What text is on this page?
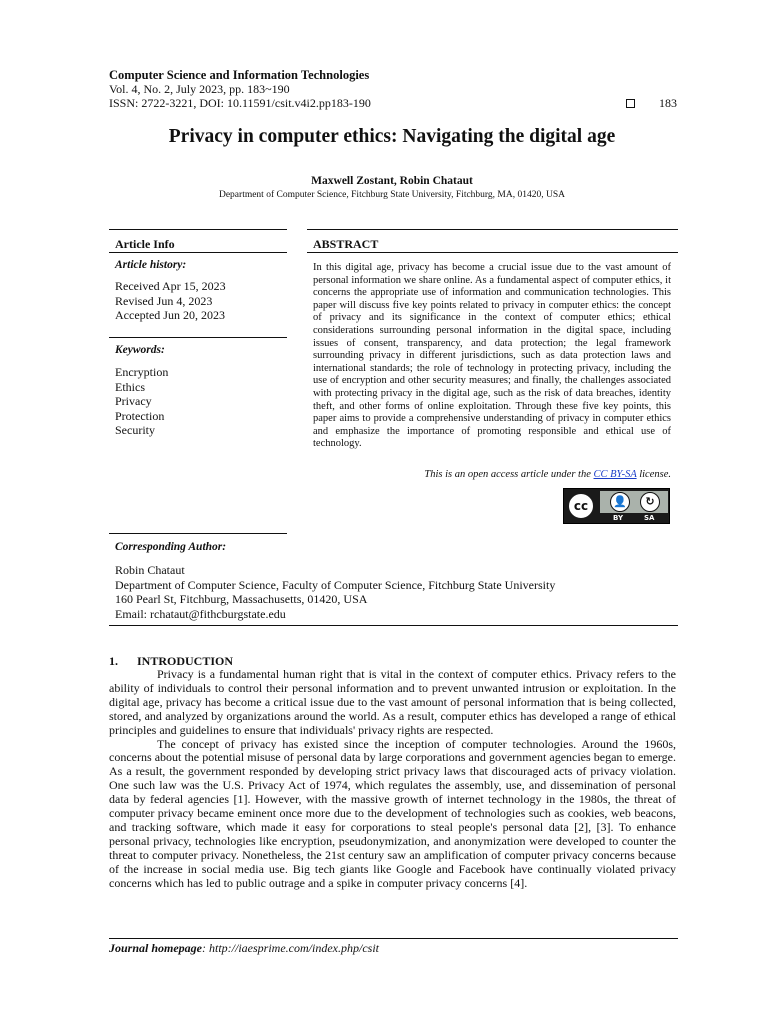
Computer Science and Information Technologies
Vol. 4, No. 2, July 2023, pp. 183~190
ISSN: 2722-3221, DOI: 10.11591/csit.v4i2.pp183-190	183
Privacy in computer ethics: Navigating the digital age
Maxwell Zostant, Robin Chataut
Department of Computer Science, Fitchburg State University, Fitchburg, MA, 01420, USA
Article Info
Article history:
Received Apr 15, 2023
Revised Jun 4, 2023
Accepted Jun 20, 2023
Keywords:
Encryption
Ethics
Privacy
Protection
Security
ABSTRACT
In this digital age, privacy has become a crucial issue due to the vast amount of personal information we share online. As a fundamental aspect of computer ethics, it concerns the appropriate use of information and communication technologies. This paper will discuss five key points related to privacy in computer ethics: the concept of privacy and its significance in the context of computer ethics; ethical considerations surrounding personal information in the digital space, including issues of consent, transparency, and data protection; the legal framework surrounding privacy in different jurisdictions, such as data protection laws and international standards; the role of technology in protecting privacy, including the use of encryption and other security measures; and finally, the challenges associated with protecting privacy in the digital age, such as the risk of data breaches, identity theft, and other forms of online exploitation. Through these five key points, this paper aims to provide a comprehensive understanding of privacy in computer ethics and emphasize the importance of promoting responsible and ethical use of technology.
This is an open access article under the CC BY-SA license.
cc	👤	↻
BY	SA
Corresponding Author:
Robin Chataut
Department of Computer Science, Faculty of Computer Science, Fitchburg State University
160 Pearl St, Fitchburg, Massachusetts, 01420, USA
Email: rchataut@fithcburgstate.edu
1. INTRODUCTION

Privacy is a fundamental human right that is vital in the context of computer ethics. Privacy refers to the ability of individuals to control their personal information and to prevent unwanted intrusion or exploitation. In the digital age, privacy has become a critical issue due to the vast amount of personal information that is being collected, stored, and analyzed by organizations around the world. As a result, computer ethics has developed a range of ethical principles and guidelines to ensure that individuals' privacy rights are respected.

The concept of privacy has existed since the inception of computer technologies. Around the 1960s, concerns about the potential misuse of personal data by large corporations and government agencies began to emerge. As a result, the government responded by developing strict privacy laws that discouraged acts of privacy violation. One such law was the U.S. Privacy Act of 1974, which regulates the assembly, use, and dissemination of personal data by federal agencies [1]. However, with the massive growth of internet technology in the 1980s, the threat of computer privacy became eminent once more due to the development of technologies such as cookies, web beacons, and tracking software, which made it easy for corporations to steal people's personal data [2], [3]. To enhance personal privacy, technologies like encryption, pseudonymization, and anonymization were developed to counter the threat to computer privacy. Nonetheless, the 21st century saw an amplification of computer privacy concerns because of the increase in social media use. Big tech giants like Google and Facebook have continually violated privacy concerns which has led to public outrage and a spike in computer privacy concerns [4].

Journal homepage: http://iaesprime.com/index.php/csit
